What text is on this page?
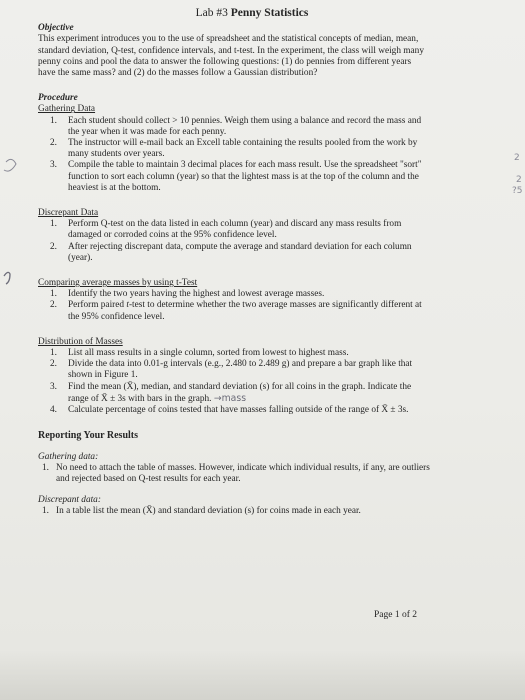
2
2
?5
Lab #3 Penny Statistics
Objective

This experiment introduces you to the use of spreadsheet and the statistical concepts of median, mean, standard deviation, Q-test, confidence intervals, and t-test. In the experiment, the class will weigh many penny coins and pool the data to answer the following questions: (1) do pennies from different years have the same mass? and (2) do the masses follow a Gaussian distribution?

Procedure
Gathering Data
1. Each student should collect > 10 pennies. Weigh them using a balance and record the mass and the year when it was made for each penny.
2. The instructor will e-mail back an Excell table containing the results pooled from the work by many students over years.
3. Compile the table to maintain 3 decimal places for each mass result. Use the spreadsheet "sort" function to sort each column (year) so that the lightest mass is at the top of the column and the heaviest is at the bottom.
Discrepant Data
1. Perform Q-test on the data listed in each column (year) and discard any mass results from damaged or corroded coins at the 95% confidence level.
2. After rejecting discrepant data, compute the average and standard deviation for each column (year).
Comparing average masses by using t-Test
1. Identify the two years having the highest and lowest average masses.
2. Perform paired t-test to determine whether the two average masses are significantly different at the 95% confidence level.
Distribution of Masses
1. List all mass results in a single column, sorted from lowest to highest mass.
2. Divide the data into 0.01-g intervals (e.g., 2.480 to 2.489 g) and prepare a bar graph like that shown in Figure 1.
3. Find the mean (X̄), median, and standard deviation (s) for all coins in the graph. Indicate the range of X̄ ± 3s with bars in the graph. →mass
4. Calculate percentage of coins tested that have masses falling outside of the range of X̄ ± 3s.
Reporting Your Results
Gathering data:
1. No need to attach the table of masses. However, indicate which individual results, if any, are outliers and rejected based on Q-test results for each year.
Discrepant data:
1. In a table list the mean (X̄) and standard deviation (s) for coins made in each year.
Page 1 of 2
